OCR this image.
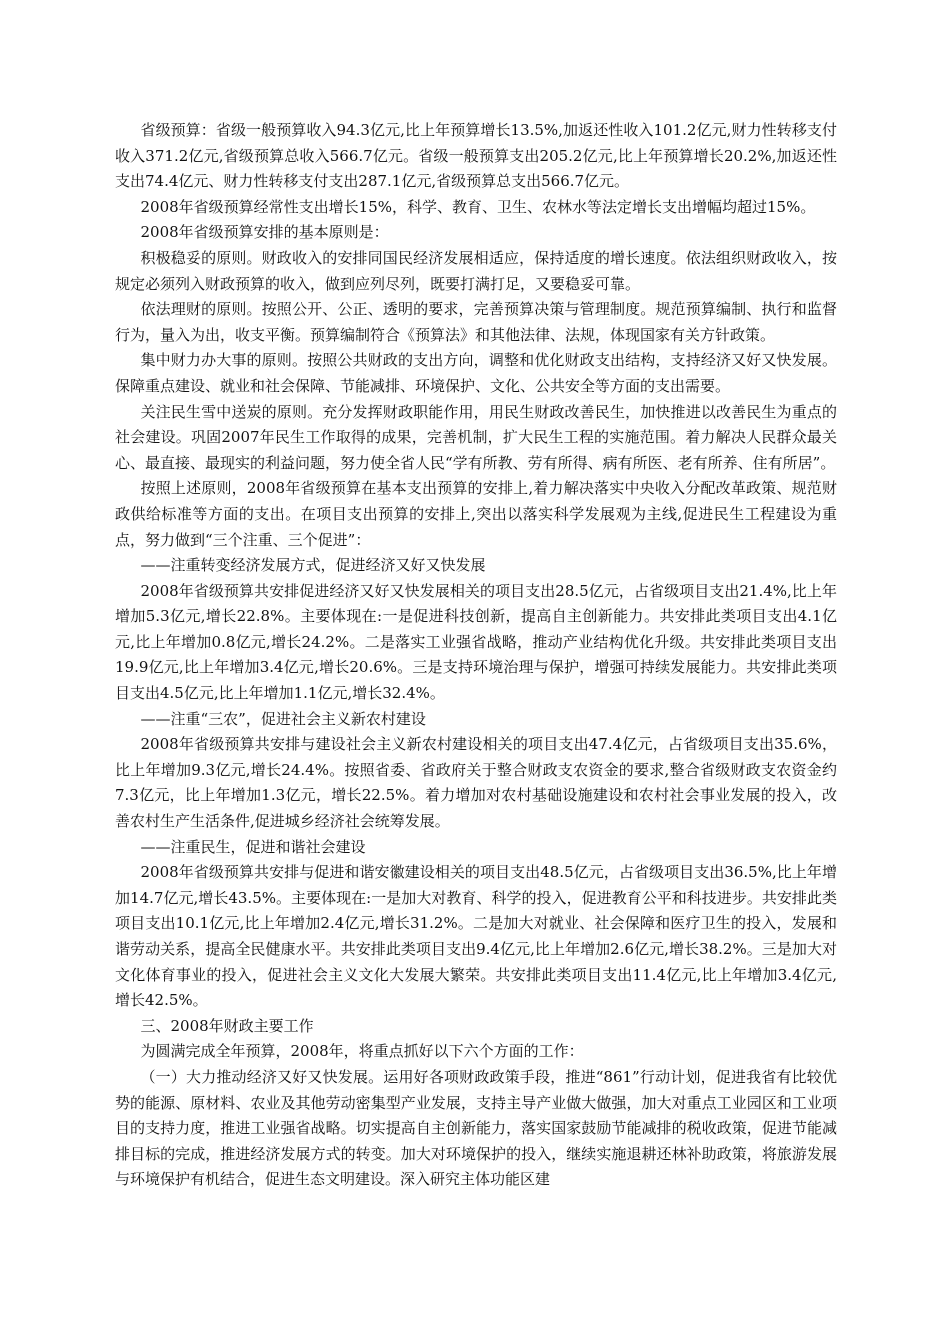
省级预算：省级一般预算收入94.3亿元,比上年预算增长13.5%,加返还性收入101.2亿元,财力性转移支付收入371.2亿元,省级预算总收入566.7亿元。省级一般预算支出205.2亿元,比上年预算增长20.2%,加返还性支出74.4亿元、财力性转移支付支出287.1亿元,省级预算总支出566.7亿元。

2008年省级预算经常性支出增长15%，科学、教育、卫生、农林水等法定增长支出增幅均超过15%。

2008年省级预算安排的基本原则是：

积极稳妥的原则。财政收入的安排同国民经济发展相适应，保持适度的增长速度。依法组织财政收入，按规定必须列入财政预算的收入，做到应列尽列，既要打满打足，又要稳妥可靠。

依法理财的原则。按照公开、公正、透明的要求，完善预算决策与管理制度。规范预算编制、执行和监督行为，量入为出，收支平衡。预算编制符合《预算法》和其他法律、法规，体现国家有关方针政策。

集中财力办大事的原则。按照公共财政的支出方向，调整和优化财政支出结构，支持经济又好又快发展。保障重点建设、就业和社会保障、节能减排、环境保护、文化、公共安全等方面的支出需要。

关注民生雪中送炭的原则。充分发挥财政职能作用，用民生财政改善民生，加快推进以改善民生为重点的社会建设。巩固2007年民生工作取得的成果，完善机制，扩大民生工程的实施范围。着力解决人民群众最关心、最直接、最现实的利益问题，努力使全省人民“学有所教、劳有所得、病有所医、老有所养、住有所居”。

按照上述原则，2008年省级预算在基本支出预算的安排上,着力解决落实中央收入分配改革政策、规范财政供给标准等方面的支出。在项目支出预算的安排上,突出以落实科学发展观为主线,促进民生工程建设为重点，努力做到“三个注重、三个促进”：

——注重转变经济发展方式，促进经济又好又快发展

2008年省级预算共安排促进经济又好又快发展相关的项目支出28.5亿元，占省级项目支出21.4%,比上年增加5.3亿元,增长22.8%。主要体现在:一是促进科技创新，提高自主创新能力。共安排此类项目支出4.1亿元,比上年增加0.8亿元,增长24.2%。二是落实工业强省战略，推动产业结构优化升级。共安排此类项目支出19.9亿元,比上年增加3.4亿元,增长20.6%。三是支持环境治理与保护，增强可持续发展能力。共安排此类项目支出4.5亿元,比上年增加1.1亿元,增长32.4%。

——注重“三农”，促进社会主义新农村建设

2008年省级预算共安排与建设社会主义新农村建设相关的项目支出47.4亿元，占省级项目支出35.6%，比上年增加9.3亿元,增长24.4%。按照省委、省政府关于整合财政支农资金的要求,整合省级财政支农资金约7.3亿元，比上年增加1.3亿元，增长22.5%。着力增加对农村基础设施建设和农村社会事业发展的投入，改善农村生产生活条件,促进城乡经济社会统筹发展。

——注重民生，促进和谐社会建设

2008年省级预算共安排与促进和谐安徽建设相关的项目支出48.5亿元，占省级项目支出36.5%,比上年增加14.7亿元,增长43.5%。主要体现在:一是加大对教育、科学的投入，促进教育公平和科技进步。共安排此类项目支出10.1亿元,比上年增加2.4亿元,增长31.2%。二是加大对就业、社会保障和医疗卫生的投入，发展和谐劳动关系，提高全民健康水平。共安排此类项目支出9.4亿元,比上年增加2.6亿元,增长38.2%。三是加大对文化体育事业的投入，促进社会主义文化大发展大繁荣。共安排此类项目支出11.4亿元,比上年增加3.4亿元,增长42.5%。

三、2008年财政主要工作

为圆满完成全年预算，2008年，将重点抓好以下六个方面的工作：

（一）大力推动经济又好又快发展。运用好各项财政政策手段，推进“861”行动计划，促进我省有比较优势的能源、原材料、农业及其他劳动密集型产业发展，支持主导产业做大做强，加大对重点工业园区和工业项目的支持力度，推进工业强省战略。切实提高自主创新能力，落实国家鼓励节能减排的税收政策，促进节能减排目标的完成，推进经济发展方式的转变。加大对环境保护的投入，继续实施退耕还林补助政策，将旅游发展与环境保护有机结合，促进生态文明建设。深入研究主体功能区建
